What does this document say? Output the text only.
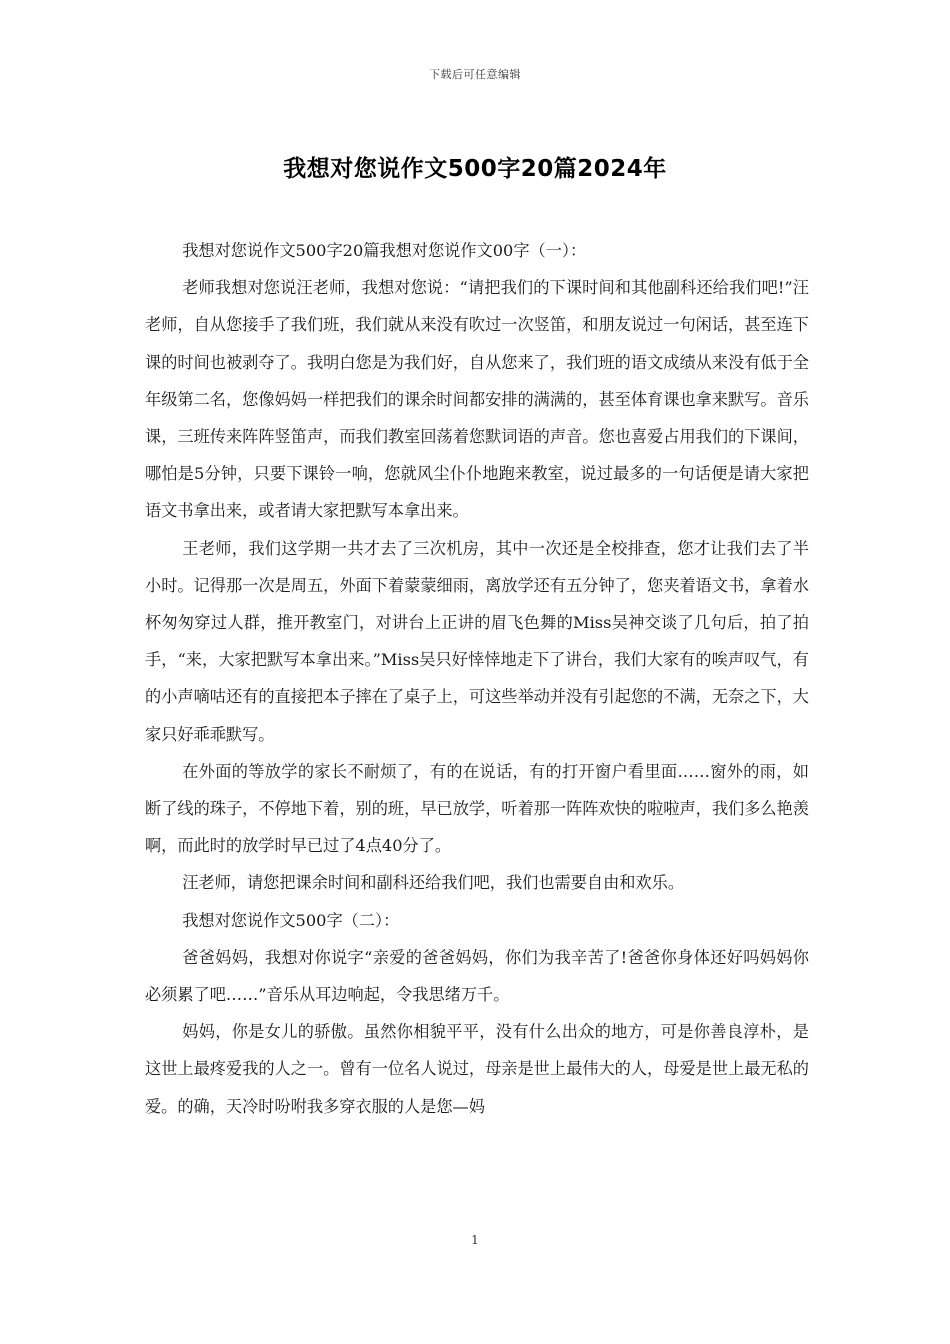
下载后可任意编辑
我想对您说作文500字20篇2024年

我想对您说作文500字20篇我想对您说作文00字（一）：

老师我想对您说汪老师，我想对您说：“请把我们的下课时间和其他副科还给我们吧!”汪老师，自从您接手了我们班，我们就从来没有吹过一次竖笛，和朋友说过一句闲话，甚至连下课的时间也被剥夺了。我明白您是为我们好，自从您来了，我们班的语文成绩从来没有低于全年级第二名，您像妈妈一样把我们的课余时间都安排的满满的，甚至体育课也拿来默写。音乐课，三班传来阵阵竖笛声，而我们教室回荡着您默词语的声音。您也喜爱占用我们的下课间，哪怕是5分钟，只要下课铃一响，您就风尘仆仆地跑来教室，说过最多的一句话便是请大家把语文书拿出来，或者请大家把默写本拿出来。

王老师，我们这学期一共才去了三次机房，其中一次还是全校排查，您才让我们去了半小时。记得那一次是周五，外面下着蒙蒙细雨，离放学还有五分钟了，您夹着语文书，拿着水杯匆匆穿过人群，推开教室门，对讲台上正讲的眉飞色舞的Miss吴神交谈了几句后，拍了拍手，“来，大家把默写本拿出来。”Miss吴只好悻悻地走下了讲台，我们大家有的唉声叹气，有的小声嘀咕还有的直接把本子摔在了桌子上，可这些举动并没有引起您的不满，无奈之下，大家只好乖乖默写。

在外面的等放学的家长不耐烦了，有的在说话，有的打开窗户看里面……窗外的雨，如断了线的珠子，不停地下着，别的班，早已放学，听着那一阵阵欢快的啦啦声，我们多么艳羡啊，而此时的放学时早已过了4点40分了。

汪老师，请您把课余时间和副科还给我们吧，我们也需要自由和欢乐。

我想对您说作文500字（二）：

爸爸妈妈，我想对你说字“亲爱的爸爸妈妈，你们为我辛苦了!爸爸你身体还好吗妈妈你必须累了吧……”音乐从耳边响起，令我思绪万千。

妈妈，你是女儿的骄傲。虽然你相貌平平，没有什么出众的地方，可是你善良淳朴，是这世上最疼爱我的人之一。曾有一位名人说过，母亲是世上最伟大的人，母爱是世上最无私的爱。的确，天冷时吩咐我多穿衣服的人是您—妈

1
